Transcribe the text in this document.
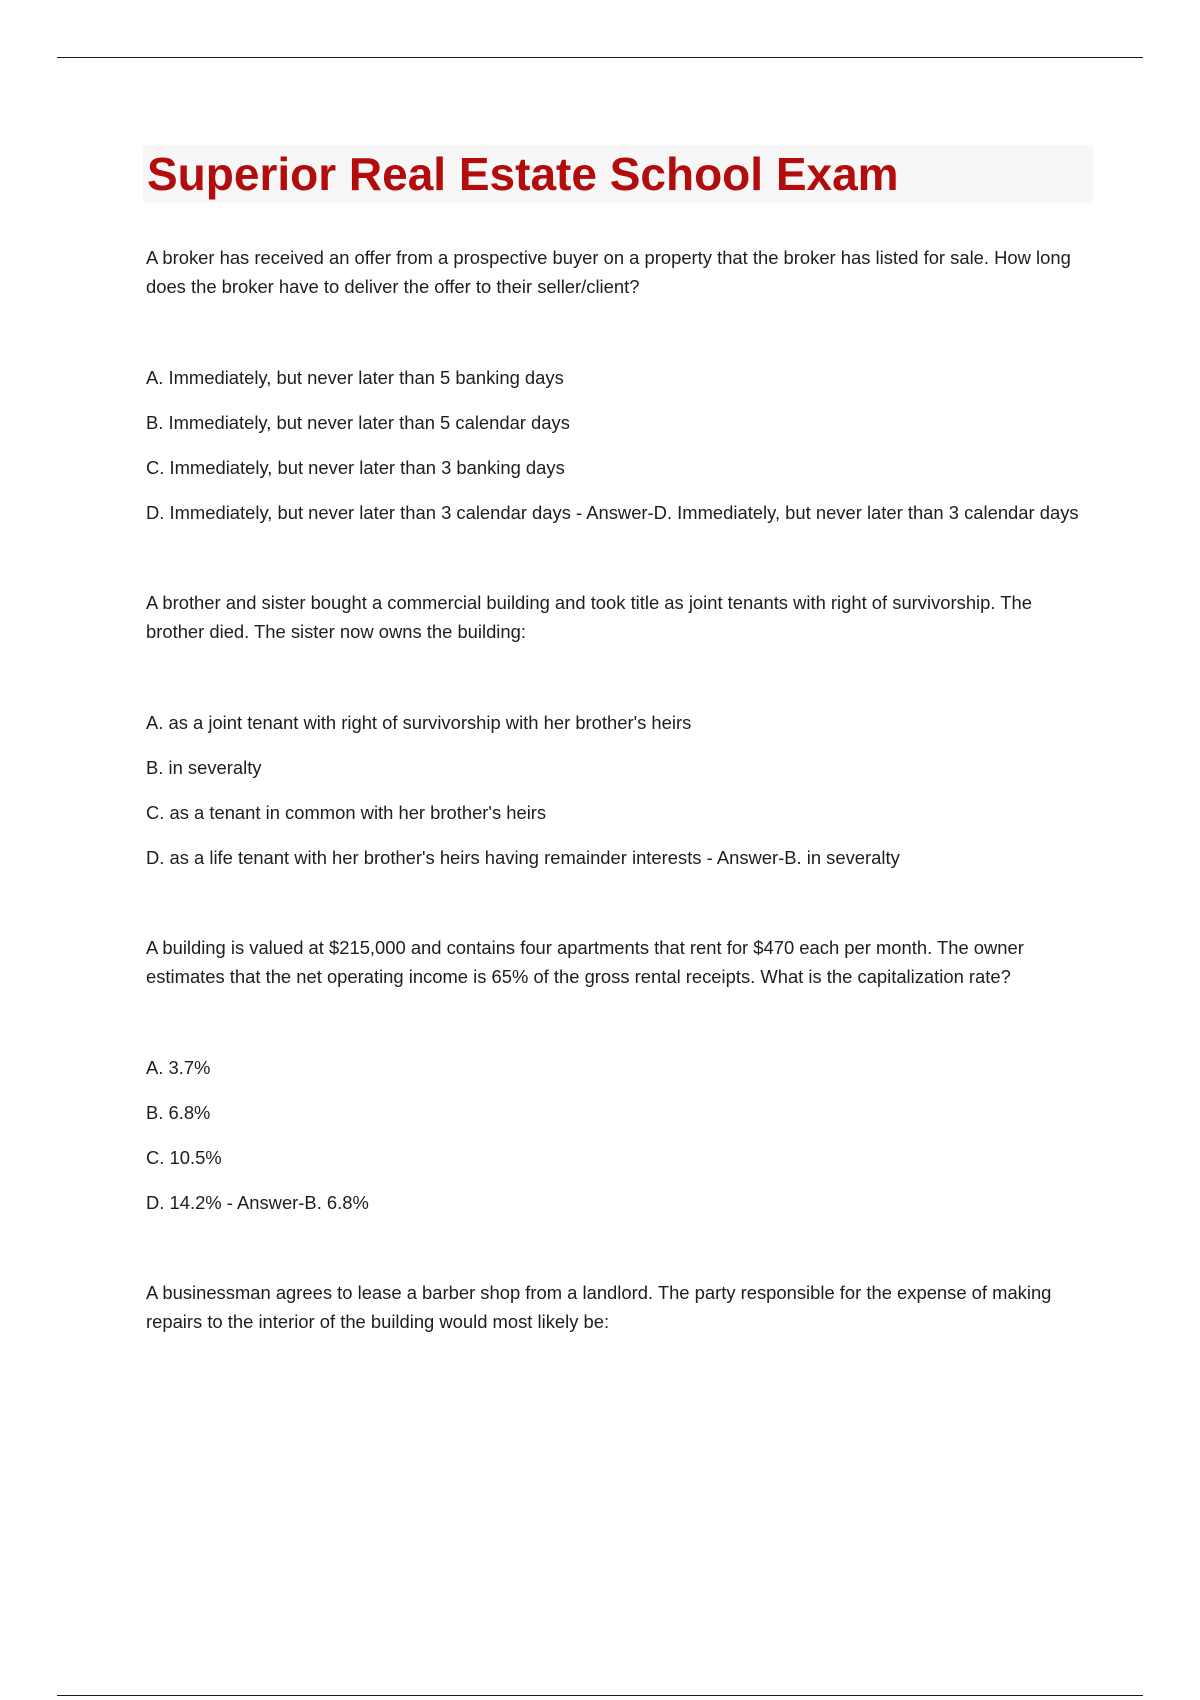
Superior Real Estate School Exam

A broker has received an offer from a prospective buyer on a property that the broker has listed for sale. How long does the broker have to deliver the offer to their seller/client?

A. Immediately, but never later than 5 banking days
B. Immediately, but never later than 5 calendar days
C. Immediately, but never later than 3 banking days
D. Immediately, but never later than 3 calendar days - Answer-D. Immediately, but never later than 3 calendar days

A brother and sister bought a commercial building and took title as joint tenants with right of survivorship. The brother died. The sister now owns the building:

A. as a joint tenant with right of survivorship with her brother's heirs
B. in severalty
C. as a tenant in common with her brother's heirs
D. as a life tenant with her brother's heirs having remainder interests - Answer-B. in severalty

A building is valued at $215,000 and contains four apartments that rent for $470 each per month. The owner estimates that the net operating income is 65% of the gross rental receipts. What is the capitalization rate?

A. 3.7%
B. 6.8%
C. 10.5%
D. 14.2% - Answer-B. 6.8%

A businessman agrees to lease a barber shop from a landlord. The party responsible for the expense of making repairs to the interior of the building would most likely be:
